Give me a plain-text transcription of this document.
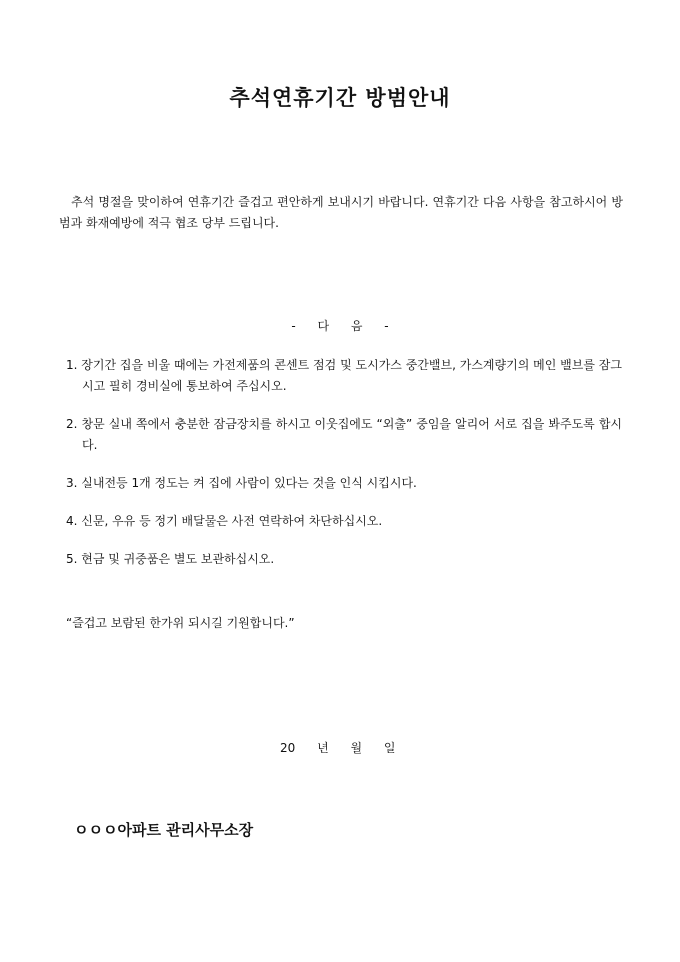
추석연휴기간 방범안내

추석 명절을 맞이하여 연휴기간 즐겁고 편안하게 보내시기 바랍니다. 연휴기간 다음 사항을 참고하시어 방범과 화재예방에 적극 협조 당부 드립니다.

- 다 음 -

1. 장기간 집을 비울 때에는 가전제품의 콘센트 점검 및 도시가스 중간밸브, 가스계량기의 메인 밸브를 잠그시고 필히 경비실에 통보하여 주십시오.
2. 창문 실내 쪽에서 충분한 잠금장치를 하시고 이웃집에도 “외출” 중임을 알리어 서로 집을 봐주도록 합시다.
3. 실내전등 1개 정도는 켜 집에 사람이 있다는 것을 인식 시킵시다.
4. 신문, 우유 등 정기 배달물은 사전 연락하여 차단하십시오.
5. 현금 및 귀중품은 별도 보관하십시오.

“즐겁고 보람된 한가위 되시길 기원합니다.”

20 년 월 일

ㅇㅇㅇ아파트 관리사무소장
